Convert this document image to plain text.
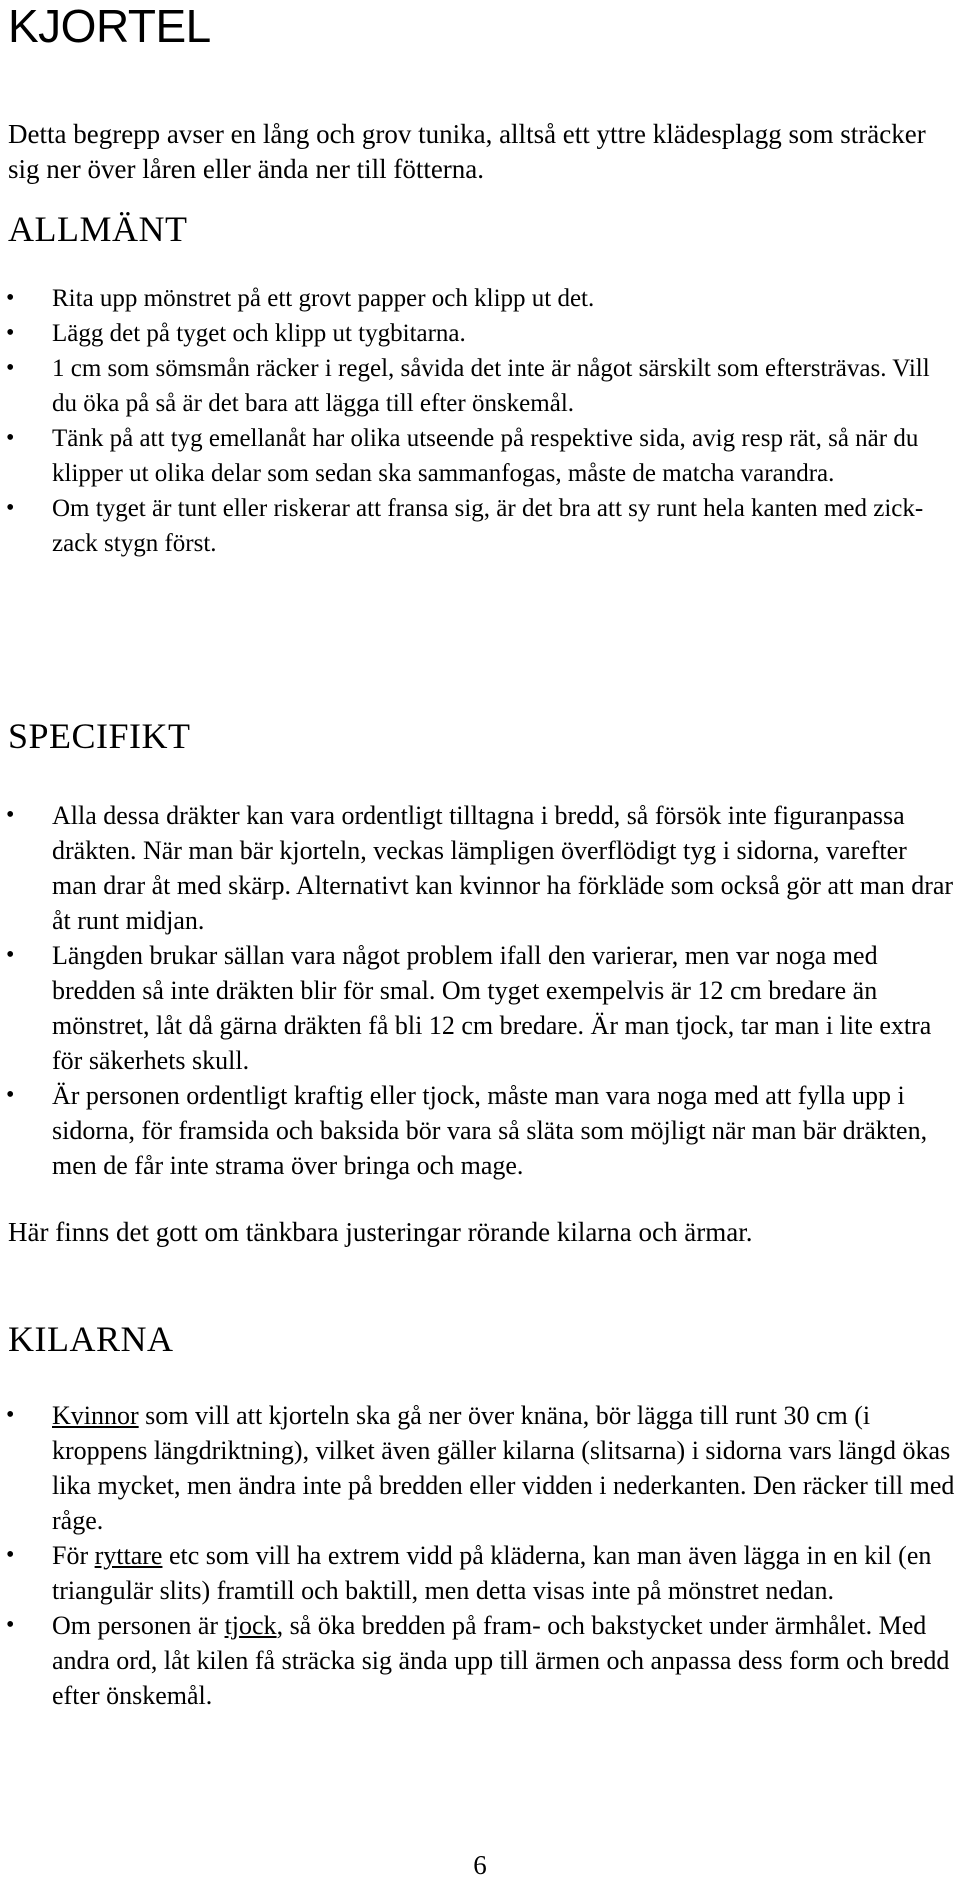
KJORTEL

Detta begrepp avser en lång och grov tunika, alltså ett yttre klädesplagg som sträcker sig ner över låren eller ända ner till fötterna.

ALLMÄNT
• Rita upp mönstret på ett grovt papper och klipp ut det.
• Lägg det på tyget och klipp ut tygbitarna.
• 1 cm som sömsmån räcker i regel, såvida det inte är något särskilt som eftersträvas. Vill du öka på så är det bara att lägga till efter önskemål.
• Tänk på att tyg emellanåt har olika utseende på respektive sida, avig resp rät, så när du klipper ut olika delar som sedan ska sammanfogas, måste de matcha varandra.
• Om tyget är tunt eller riskerar att fransa sig, är det bra att sy runt hela kanten med zick-zack stygn först.
SPECIFIKT
• Alla dessa dräkter kan vara ordentligt tilltagna i bredd, så försök inte figuranpassa dräkten. När man bär kjorteln, veckas lämpligen överflödigt tyg i sidorna, varefter man drar åt med skärp. Alternativt kan kvinnor ha förkläde som också gör att man drar åt runt midjan.
• Längden brukar sällan vara något problem ifall den varierar, men var noga med bredden så inte dräkten blir för smal. Om tyget exempelvis är 12 cm bredare än mönstret, låt då gärna dräkten få bli 12 cm bredare. Är man tjock, tar man i lite extra för säkerhets skull.
• Är personen ordentligt kraftig eller tjock, måste man vara noga med att fylla upp i sidorna, för framsida och baksida bör vara så släta som möjligt när man bär dräkten, men de får inte strama över bringa och mage.

Här finns det gott om tänkbara justeringar rörande kilarna och ärmar.

KILARNA
• Kvinnor som vill att kjorteln ska gå ner över knäna, bör lägga till runt 30 cm (i kroppens längdriktning), vilket även gäller kilarna (slitsarna) i sidorna vars längd ökas lika mycket, men ändra inte på bredden eller vidden i nederkanten. Den räcker till med råge.
• För ryttare etc som vill ha extrem vidd på kläderna, kan man även lägga in en kil (en triangulär slits) framtill och baktill, men detta visas inte på mönstret nedan.
• Om personen är tjock, så öka bredden på fram- och bakstycket under ärmhålet. Med andra ord, låt kilen få sträcka sig ända upp till ärmen och anpassa dess form och bredd efter önskemål.
6
